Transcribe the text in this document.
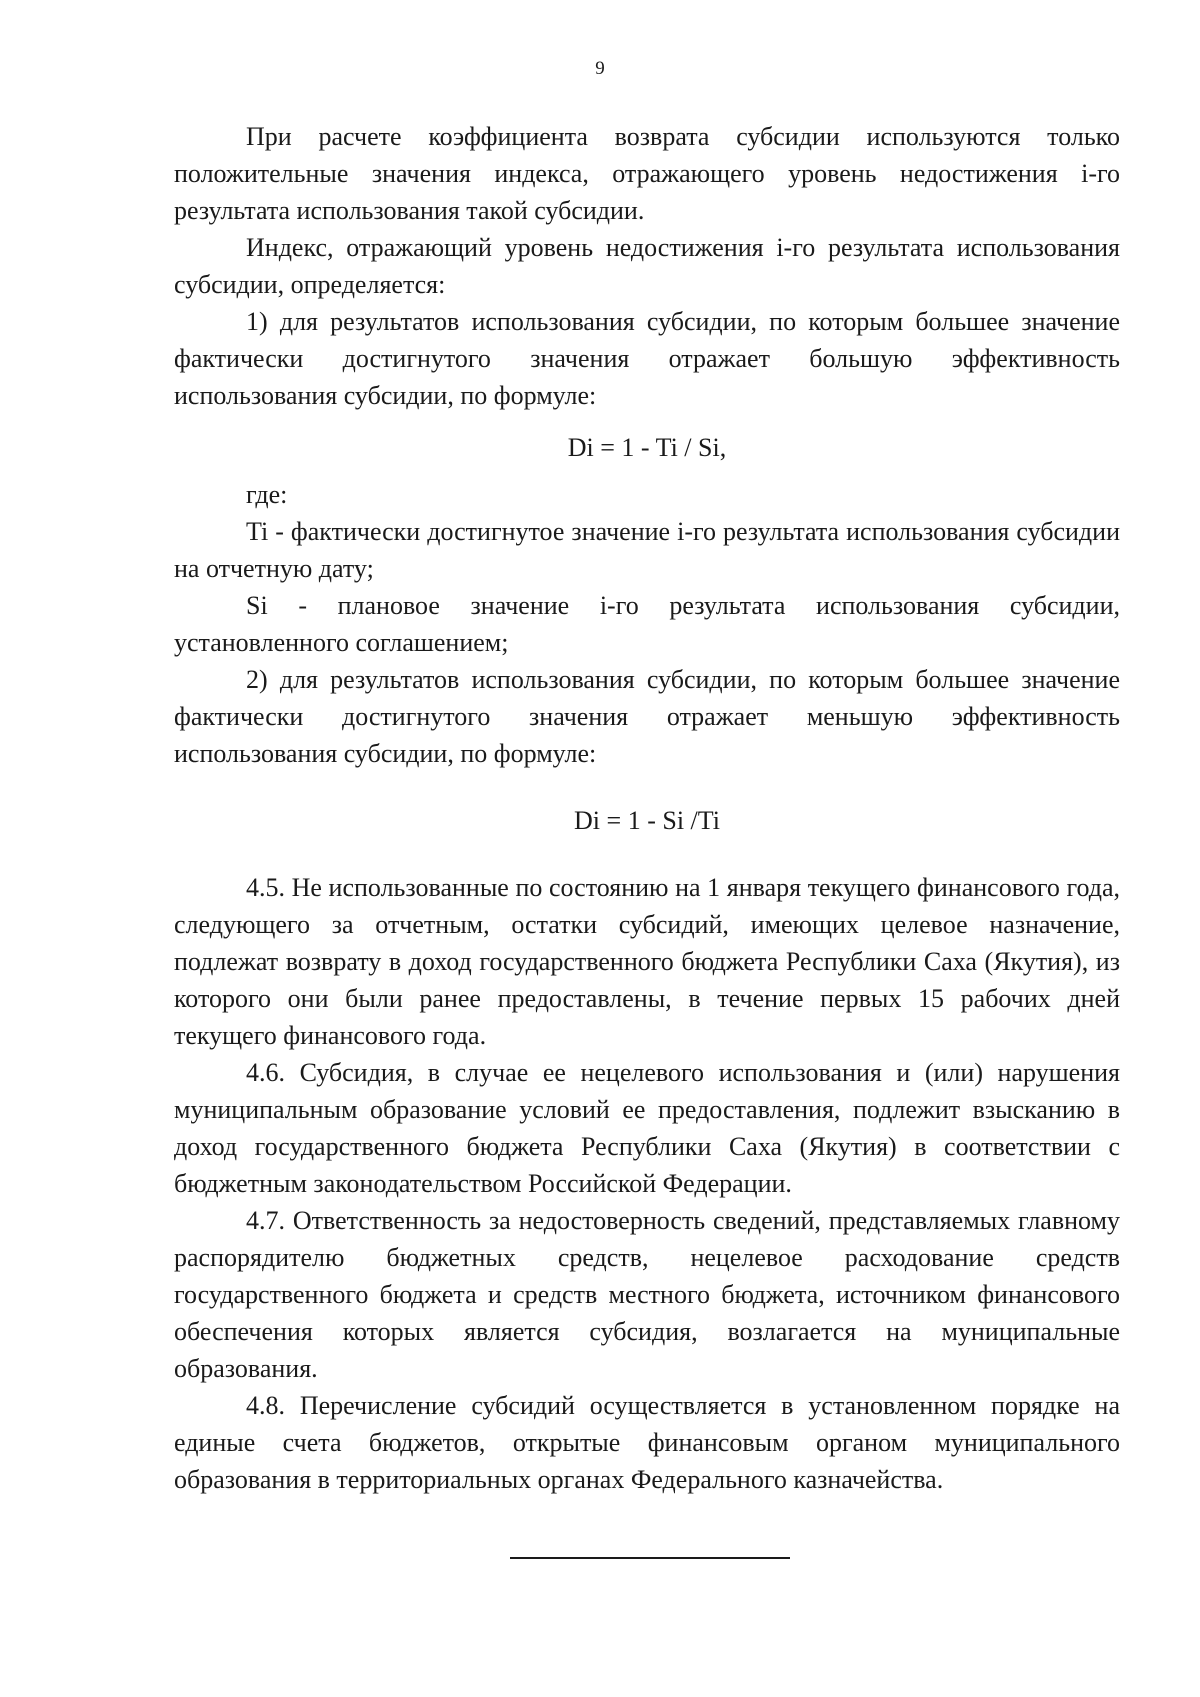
9

При расчете коэффициента возврата субсидии используются только положительные значения индекса, отражающего уровень недостижения i-го результата использования такой субсидии.

Индекс, отражающий уровень недостижения i-го результата использования субсидии, определяется:

1) для результатов использования субсидии, по которым большее значение фактически достигнутого значения отражает большую эффективность использования субсидии, по формуле:

Di = 1 - Ti / Si,

где:

Ti - фактически достигнутое значение i-го результата использования субсидии на отчетную дату;

Si - плановое значение i-го результата использования субсидии, установленного соглашением;

2) для результатов использования субсидии, по которым большее значение фактически достигнутого значения отражает меньшую эффективность использования субсидии, по формуле:

Di = 1 - Si /Ti

4.5. Не использованные по состоянию на 1 января текущего финансового года, следующего за отчетным, остатки субсидий, имеющих целевое назначение, подлежат возврату в доход государственного бюджета Республики Саха (Якутия), из которого они были ранее предоставлены, в течение первых 15 рабочих дней текущего финансового года.

4.6. Субсидия, в случае ее нецелевого использования и (или) нарушения муниципальным образование условий ее предоставления, подлежит взысканию в доход государственного бюджета Республики Саха (Якутия) в соответствии с бюджетным законодательством Российской Федерации.

4.7. Ответственность за недостоверность сведений, представляемых главному распорядителю бюджетных средств, нецелевое расходование средств государственного бюджета и средств местного бюджета, источником финансового обеспечения которых является субсидия, возлагается на муниципальные образования.

4.8. Перечисление субсидий осуществляется в установленном порядке на единые счета бюджетов, открытые финансовым органом муниципального образования в территориальных органах Федерального казначейства.
